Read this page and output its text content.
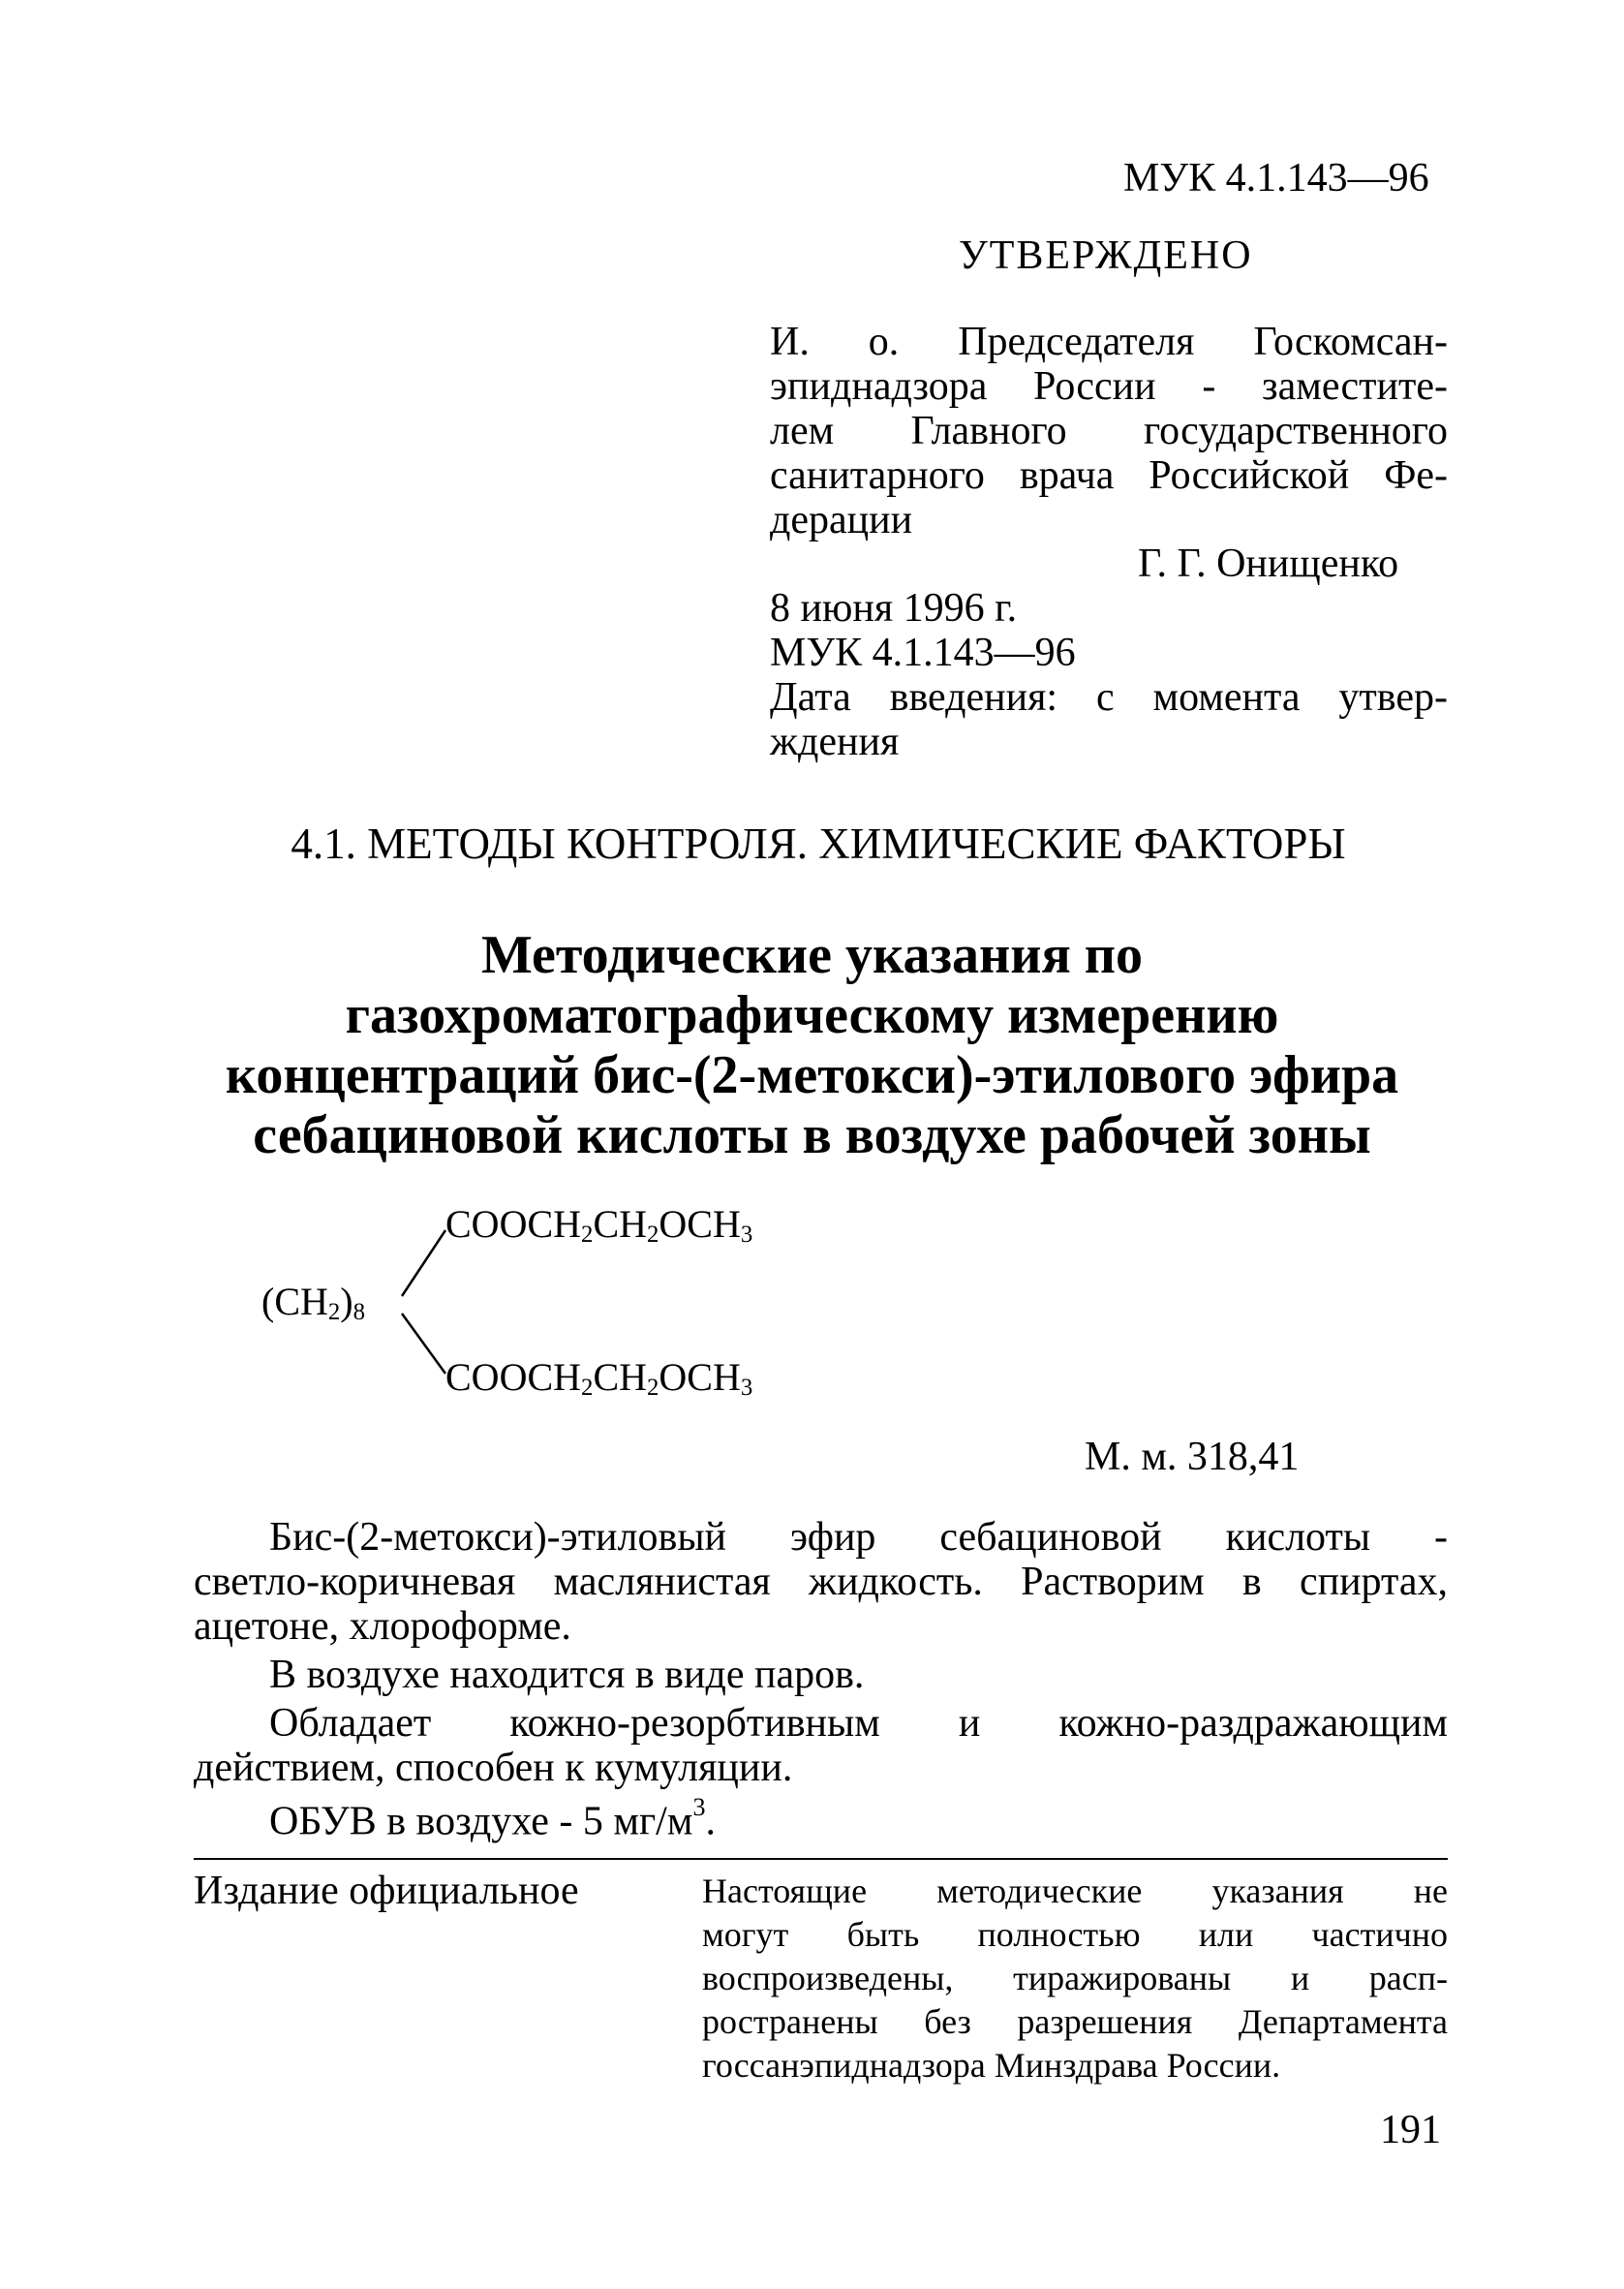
МУК 4.1.143—96
УТВЕРЖДЕНО
И. о. Председателя Госкомсан-
эпиднадзора России - заместите-
лем Главного государственного
санитарного врача Российской Фе-
дерации
Г. Г. Онищенко
8 июня 1996 г.
МУК 4.1.143—96
Дата введения: с момента утвер-
ждения
4.1. МЕТОДЫ КОНТРОЛЯ. ХИМИЧЕСКИЕ ФАКТОРЫ
Методические указания по
газохроматографическому измерению
концентраций бис-(2-метокси)-этилового эфира
себациновой кислоты в воздухе рабочей зоны
$COOCH_2CH_2OCH_3$
$(CH_2)_8$
$COOCH_2CH_2OCH_3$
М. м. 318,41
Бис-(2-метокси)-этиловый эфир себациновой кислоты -
светло-коричневая маслянистая жидкость. Растворим в спиртах,
ацетоне, хлороформе.
В воздухе находится в виде паров.
Обладает кожно-резорбтивным и кожно-раздражающим
действием, способен к кумуляции.
ОБУВ в воздухе - 5 $мг/м^3$.
Издание официальное	Настоящие методические указания не
могут быть полностью или частично
воспроизведены, тиражированы и расп-
ространены без разрешения Департамента
госсанэпиднадзора Минздрава России.
191
